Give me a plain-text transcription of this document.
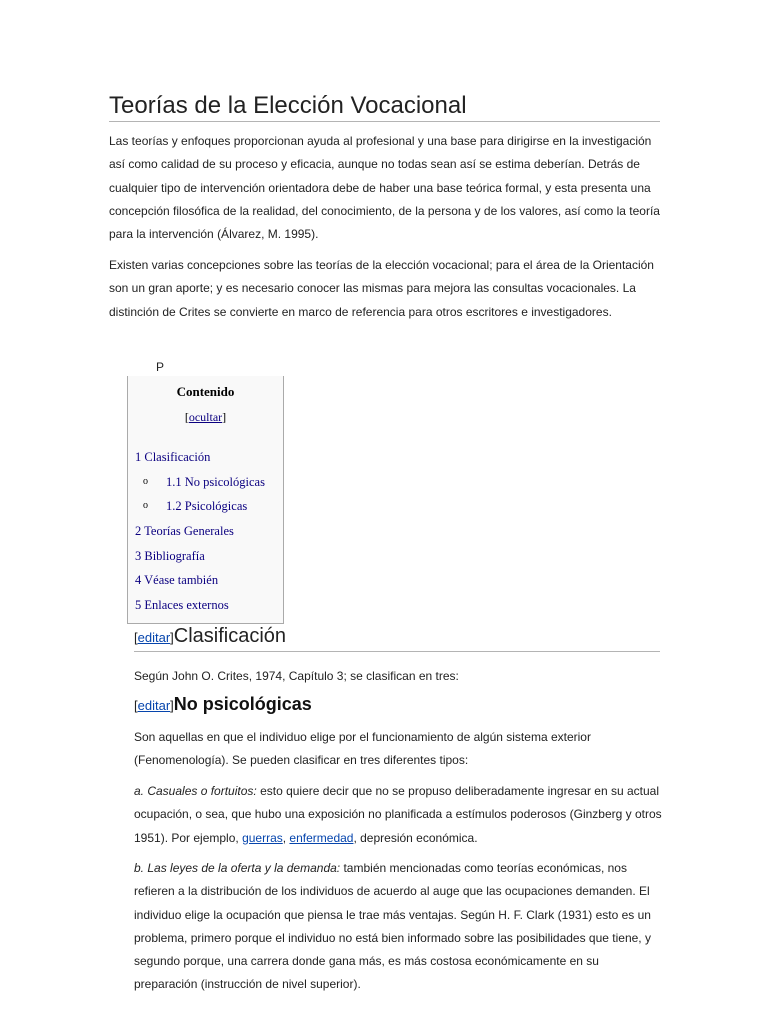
Teorías de la Elección Vocacional

Las teorías y enfoques proporcionan ayuda al profesional y una base para dirigirse en la investigación así como calidad de su proceso y eficacia, aunque no todas sean así se estima deberían. Detrás de cualquier tipo de intervención orientadora debe de haber una base teórica formal, y esta presenta una concepción filosófica de la realidad, del conocimiento, de la persona y de los valores, así como la teoría para la intervención (Álvarez, M. 1995).

Existen varias concepciones sobre las teorías de la elección vocacional; para el área de la Orientación son un gran aporte; y es necesario conocer las mismas para mejora las consultas vocacionales. La distinción de Crites se convierte en marco de referencia para otros escritores e investigadores.

P
Contenido
[ocultar]
1 Clasificación
o 1.1 No psicológicas
o 1.2 Psicológicas
2 Teorías Generales
3 Bibliografía
4 Véase también
5 Enlaces externos
[editar]Clasificación

Según John O. Crites, 1974, Capítulo 3; se clasifican en tres:

[editar]No psicológicas

Son aquellas en que el individuo elige por el funcionamiento de algún sistema exterior (Fenomenología). Se pueden clasificar en tres diferentes tipos:

a. Casuales o fortuitos: esto quiere decir que no se propuso deliberadamente ingresar en su actual ocupación, o sea, que hubo una exposición no planificada a estímulos poderosos (Ginzberg y otros 1951). Por ejemplo, guerras, enfermedad, depresión económica.

b. Las leyes de la oferta y la demanda: también mencionadas como teorías económicas, nos refieren a la distribución de los individuos de acuerdo al auge que las ocupaciones demanden. El individuo elige la ocupación que piensa le trae más ventajas. Según H. F. Clark (1931) esto es un problema, primero porque el individuo no está bien informado sobre las posibilidades que tiene, y segundo porque, una carrera donde gana más, es más costosa económicamente en su preparación (instrucción de nivel superior).
